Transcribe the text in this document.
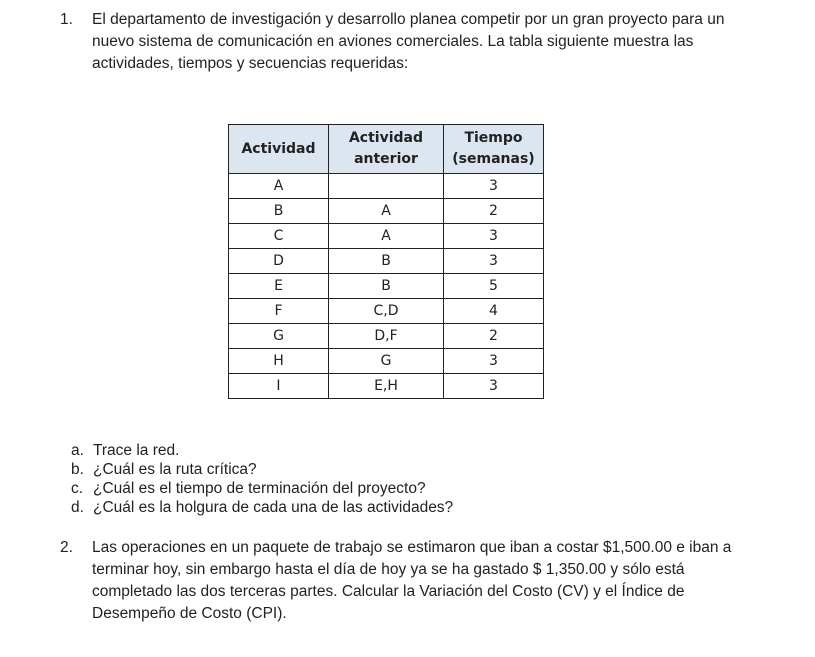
1. El departamento de investigación y desarrollo planea competir por un gran proyecto para un nuevo sistema de comunicación en aviones comerciales. La tabla siguiente muestra las actividades, tiempos y secuencias requeridas:
Actividad	Actividad anterior	Tiempo (semanas)
A		3
B	A	2
C	A	3
D	B	3
E	B	5
F	C,D	4
G	D,F	2
H	G	3
I	E,H	3
a. Trace la red.
b. ¿Cuál es la ruta crítica?
c. ¿Cuál es el tiempo de terminación del proyecto?
d. ¿Cuál es la holgura de cada una de las actividades?
2. Las operaciones en un paquete de trabajo se estimaron que iban a costar $1,500.00 e iban a terminar hoy, sin embargo hasta el día de hoy ya se ha gastado $ 1,350.00 y sólo está completado las dos terceras partes. Calcular la Variación del Costo (CV) y el Índice de Desempeño de Costo (CPI).
